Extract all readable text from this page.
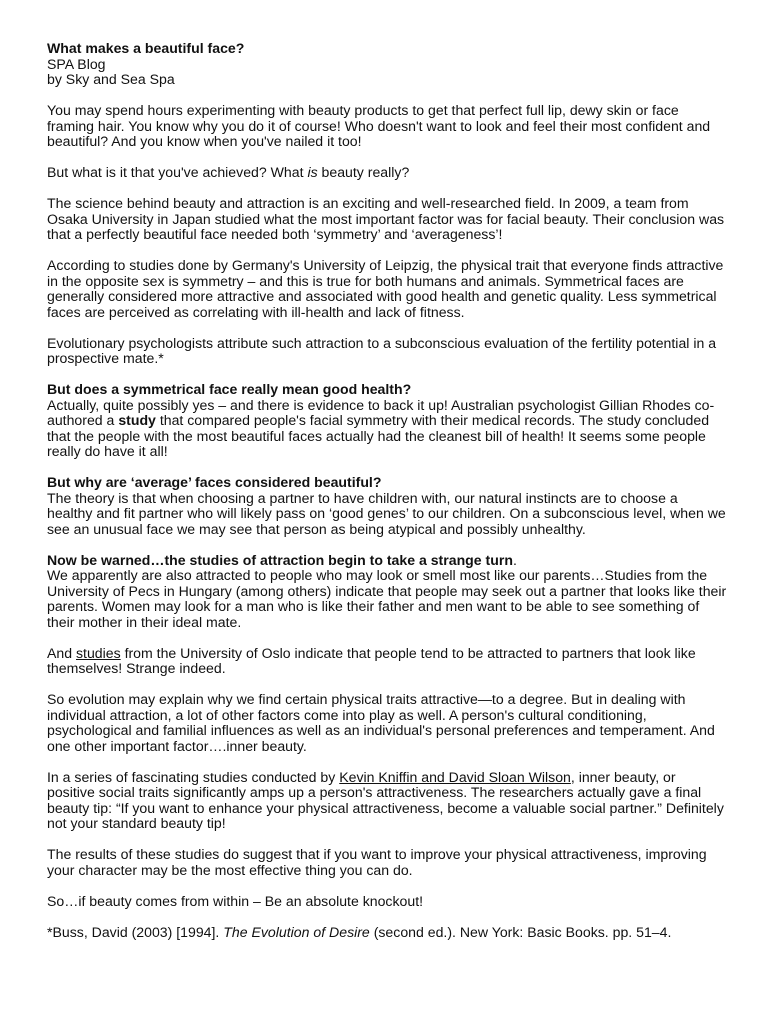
What makes a beautiful face?
SPA Blog
by Sky and Sea Spa

You may spend hours experimenting with beauty products to get that perfect full lip, dewy skin or face framing hair. You know why you do it of course! Who doesn't want to look and feel their most confident and beautiful? And you know when you've nailed it too!

But what is it that you've achieved? What is beauty really?

The science behind beauty and attraction is an exciting and well-researched field. In 2009, a team from Osaka University in Japan studied what the most important factor was for facial beauty. Their conclusion was that a perfectly beautiful face needed both ‘symmetry’ and ‘averageness’!

According to studies done by Germany's University of Leipzig, the physical trait that everyone finds attractive in the opposite sex is symmetry – and this is true for both humans and animals. Symmetrical faces are generally considered more attractive and associated with good health and genetic quality. Less symmetrical faces are perceived as correlating with ill-health and lack of fitness.

Evolutionary psychologists attribute such attraction to a subconscious evaluation of the fertility potential in a prospective mate.*

But does a symmetrical face really mean good health?
Actually, quite possibly yes – and there is evidence to back it up! Australian psychologist Gillian Rhodes co-authored a study that compared people's facial symmetry with their medical records. The study concluded that the people with the most beautiful faces actually had the cleanest bill of health! It seems some people really do have it all!

But why are ‘average’ faces considered beautiful?
The theory is that when choosing a partner to have children with, our natural instincts are to choose a healthy and fit partner who will likely pass on ‘good genes’ to our children. On a subconscious level, when we see an unusual face we may see that person as being atypical and possibly unhealthy.

Now be warned…the studies of attraction begin to take a strange turn.
We apparently are also attracted to people who may look or smell most like our parents…Studies from the University of Pecs in Hungary (among others) indicate that people may seek out a partner that looks like their parents. Women may look for a man who is like their father and men want to be able to see something of their mother in their ideal mate.

And studies from the University of Oslo indicate that people tend to be attracted to partners that look like themselves! Strange indeed.

So evolution may explain why we find certain physical traits attractive—to a degree. But in dealing with individual attraction, a lot of other factors come into play as well. A person's cultural conditioning, psychological and familial influences as well as an individual's personal preferences and temperament. And one other important factor….inner beauty.

In a series of fascinating studies conducted by Kevin Kniffin and David Sloan Wilson, inner beauty, or positive social traits significantly amps up a person's attractiveness. The researchers actually gave a final beauty tip: “If you want to enhance your physical attractiveness, become a valuable social partner.” Definitely not your standard beauty tip!

The results of these studies do suggest that if you want to improve your physical attractiveness, improving your character may be the most effective thing you can do.

So…if beauty comes from within – Be an absolute knockout!

*Buss, David (2003) [1994]. The Evolution of Desire (second ed.). New York: Basic Books. pp. 51–4.
